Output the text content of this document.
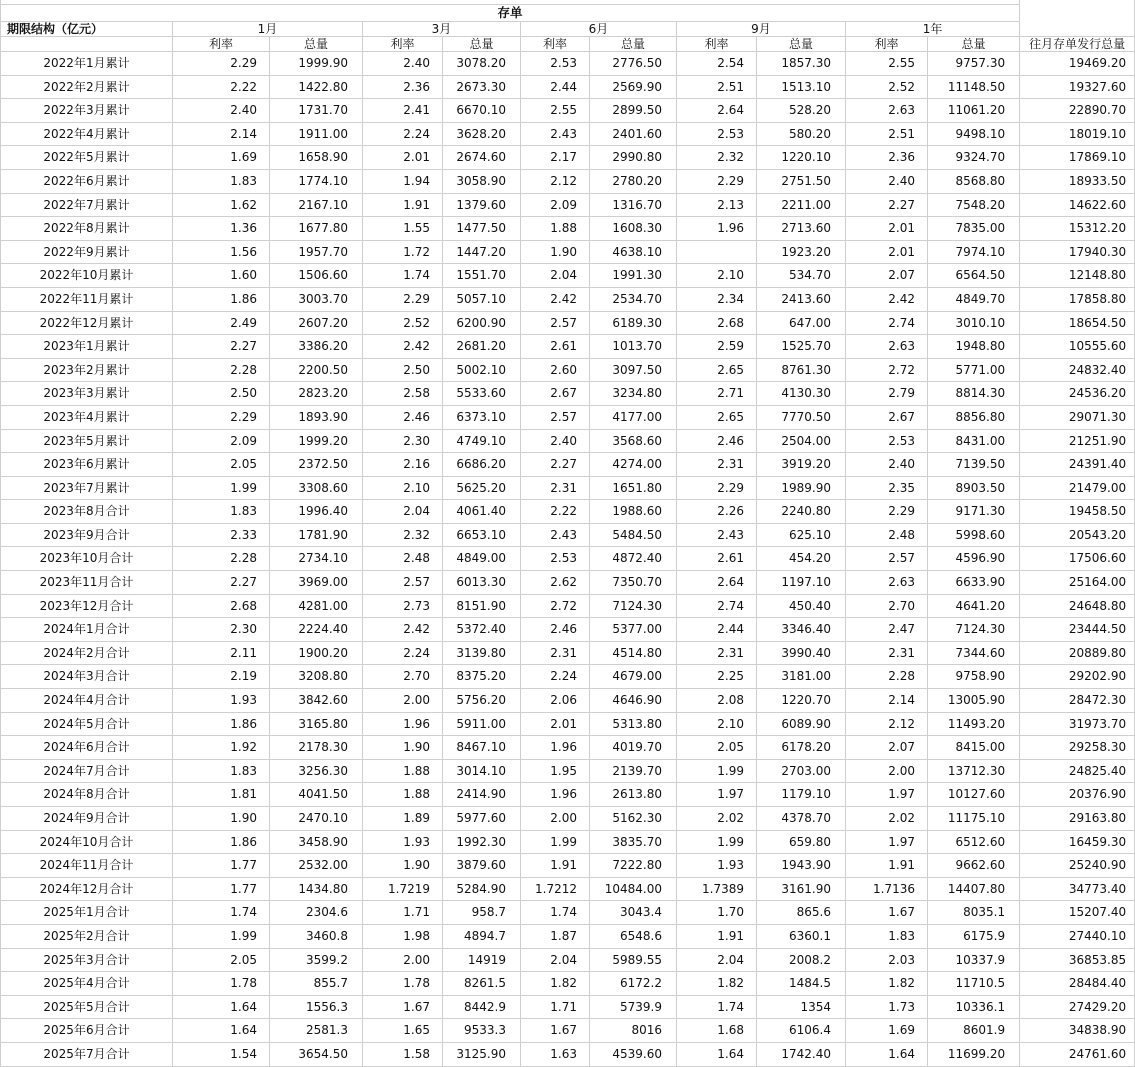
存单											
期限结构（亿元）	1月		3月		6月		9月		1年		
	利率	总量	利率	总量	利率	总量	利率	总量	利率	总量	往月存单发行总量
2022年1月累计	2.29	1999.90	2.40	3078.20	2.53	2776.50	2.54	1857.30	2.55	9757.30	19469.20
2022年2月累计	2.22	1422.80	2.36	2673.30	2.44	2569.90	2.51	1513.10	2.52	11148.50	19327.60
2022年3月累计	2.40	1731.70	2.41	6670.10	2.55	2899.50	2.64	528.20	2.63	11061.20	22890.70
2022年4月累计	2.14	1911.00	2.24	3628.20	2.43	2401.60	2.53	580.20	2.51	9498.10	18019.10
2022年5月累计	1.69	1658.90	2.01	2674.60	2.17	2990.80	2.32	1220.10	2.36	9324.70	17869.10
2022年6月累计	1.83	1774.10	1.94	3058.90	2.12	2780.20	2.29	2751.50	2.40	8568.80	18933.50
2022年7月累计	1.62	2167.10	1.91	1379.60	2.09	1316.70	2.13	2211.00	2.27	7548.20	14622.60
2022年8月累计	1.36	1677.80	1.55	1477.50	1.88	1608.30	1.96	2713.60	2.01	7835.00	15312.20
2022年9月累计	1.56	1957.70	1.72	1447.20	1.90	4638.10		1923.20	2.01	7974.10	17940.30
2022年10月累计	1.60	1506.60	1.74	1551.70	2.04	1991.30	2.10	534.70	2.07	6564.50	12148.80
2022年11月累计	1.86	3003.70	2.29	5057.10	2.42	2534.70	2.34	2413.60	2.42	4849.70	17858.80
2022年12月累计	2.49	2607.20	2.52	6200.90	2.57	6189.30	2.68	647.00	2.74	3010.10	18654.50
2023年1月累计	2.27	3386.20	2.42	2681.20	2.61	1013.70	2.59	1525.70	2.63	1948.80	10555.60
2023年2月累计	2.28	2200.50	2.50	5002.10	2.60	3097.50	2.65	8761.30	2.72	5771.00	24832.40
2023年3月累计	2.50	2823.20	2.58	5533.60	2.67	3234.80	2.71	4130.30	2.79	8814.30	24536.20
2023年4月累计	2.29	1893.90	2.46	6373.10	2.57	4177.00	2.65	7770.50	2.67	8856.80	29071.30
2023年5月累计	2.09	1999.20	2.30	4749.10	2.40	3568.60	2.46	2504.00	2.53	8431.00	21251.90
2023年6月累计	2.05	2372.50	2.16	6686.20	2.27	4274.00	2.31	3919.20	2.40	7139.50	24391.40
2023年7月累计	1.99	3308.60	2.10	5625.20	2.31	1651.80	2.29	1989.90	2.35	8903.50	21479.00
2023年8月合计	1.83	1996.40	2.04	4061.40	2.22	1988.60	2.26	2240.80	2.29	9171.30	19458.50
2023年9月合计	2.33	1781.90	2.32	6653.10	2.43	5484.50	2.43	625.10	2.48	5998.60	20543.20
2023年10月合计	2.28	2734.10	2.48	4849.00	2.53	4872.40	2.61	454.20	2.57	4596.90	17506.60
2023年11月合计	2.27	3969.00	2.57	6013.30	2.62	7350.70	2.64	1197.10	2.63	6633.90	25164.00
2023年12月合计	2.68	4281.00	2.73	8151.90	2.72	7124.30	2.74	450.40	2.70	4641.20	24648.80
2024年1月合计	2.30	2224.40	2.42	5372.40	2.46	5377.00	2.44	3346.40	2.47	7124.30	23444.50
2024年2月合计	2.11	1900.20	2.24	3139.80	2.31	4514.80	2.31	3990.40	2.31	7344.60	20889.80
2024年3月合计	2.19	3208.80	2.70	8375.20	2.24	4679.00	2.25	3181.00	2.28	9758.90	29202.90
2024年4月合计	1.93	3842.60	2.00	5756.20	2.06	4646.90	2.08	1220.70	2.14	13005.90	28472.30
2024年5月合计	1.86	3165.80	1.96	5911.00	2.01	5313.80	2.10	6089.90	2.12	11493.20	31973.70
2024年6月合计	1.92	2178.30	1.90	8467.10	1.96	4019.70	2.05	6178.20	2.07	8415.00	29258.30
2024年7月合计	1.83	3256.30	1.88	3014.10	1.95	2139.70	1.99	2703.00	2.00	13712.30	24825.40
2024年8月合计	1.81	4041.50	1.88	2414.90	1.96	2613.80	1.97	1179.10	1.97	10127.60	20376.90
2024年9月合计	1.90	2470.10	1.89	5977.60	2.00	5162.30	2.02	4378.70	2.02	11175.10	29163.80
2024年10月合计	1.86	3458.90	1.93	1992.30	1.99	3835.70	1.99	659.80	1.97	6512.60	16459.30
2024年11月合计	1.77	2532.00	1.90	3879.60	1.91	7222.80	1.93	1943.90	1.91	9662.60	25240.90
2024年12月合计	1.77	1434.80	1.7219	5284.90	1.7212	10484.00	1.7389	3161.90	1.7136	14407.80	34773.40
2025年1月合计	1.74	2304.6	1.71	958.7	1.74	3043.4	1.70	865.6	1.67	8035.1	15207.40
2025年2月合计	1.99	3460.8	1.98	4894.7	1.87	6548.6	1.91	6360.1	1.83	6175.9	27440.10
2025年3月合计	2.05	3599.2	2.00	14919	2.04	5989.55	2.04	2008.2	2.03	10337.9	36853.85
2025年4月合计	1.78	855.7	1.78	8261.5	1.82	6172.2	1.82	1484.5	1.82	11710.5	28484.40
2025年5月合计	1.64	1556.3	1.67	8442.9	1.71	5739.9	1.74	1354	1.73	10336.1	27429.20
2025年6月合计	1.64	2581.3	1.65	9533.3	1.67	8016	1.68	6106.4	1.69	8601.9	34838.90
2025年7月合计	1.54	3654.50	1.58	3125.90	1.63	4539.60	1.64	1742.40	1.64	11699.20	24761.60
